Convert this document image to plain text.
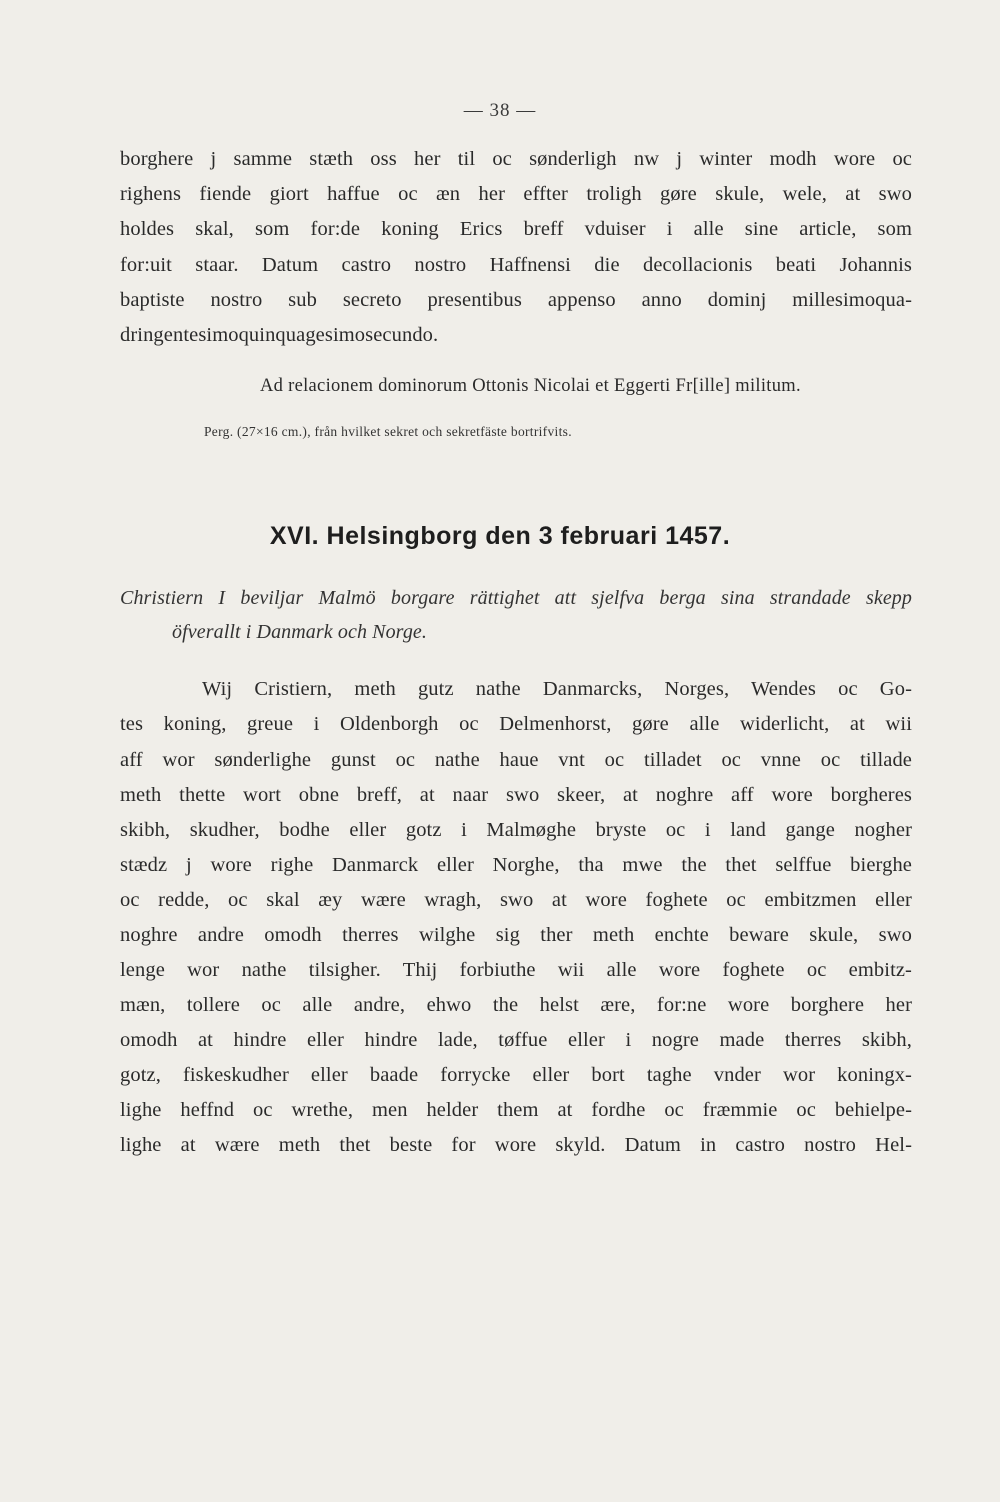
— 38 —
borghere j samme stæth oss her til oc sønderligh nw j winter modh wore oc
righens fiende giort haffue oc æn her effter troligh gøre skule, wele, at swo
holdes skal, som for:de koning Erics breff vduiser i alle sine article, som
for:uit staar. Datum castro nostro Haffnensi die decollacionis beati Johannis
baptiste nostro sub secreto presentibus appenso anno dominj millesimoqua-
dringentesimoquinquagesimosecundo.
Ad relacionem dominorum Ottonis Nicolai et Eggerti Fr[ille] militum.
Perg. (27×16 cm.), från hvilket sekret och sekretfäste bortrifvits.
XVI. Helsingborg den 3 februari 1457.
Christiern I beviljar Malmö borgare rättighet att sjelfva berga sina strandade skepp
öfverallt i Danmark och Norge.
Wij Cristiern, meth gutz nathe Danmarcks, Norges, Wendes oc Go-
tes koning, greue i Oldenborgh oc Delmenhorst, gøre alle widerlicht, at wii
aff wor sønderlighe gunst oc nathe haue vnt oc tilladet oc vnne oc tillade
meth thette wort obne breff, at naar swo skeer, at noghre aff wore borgheres
skibh, skudher, bodhe eller gotz i Malmøghe bryste oc i land gange nogher
stædz j wore righe Danmarck eller Norghe, tha mwe the thet selffue bierghe
oc redde, oc skal æy wære wragh, swo at wore foghete oc embitzmen eller
noghre andre omodh therres wilghe sig ther meth enchte beware skule, swo
lenge wor nathe tilsigher. Thij forbiuthe wii alle wore foghete oc embitz-
mæn, tollere oc alle andre, ehwo the helst ære, for:ne wore borghere her
omodh at hindre eller hindre lade, tøffue eller i nogre made therres skibh,
gotz, fiskeskudher eller baade forrycke eller bort taghe vnder wor koningx-
lighe heffnd oc wrethe, men helder them at fordhe oc fræmmie oc behielpe-
lighe at wære meth thet beste for wore skyld. Datum in castro nostro Hel-
